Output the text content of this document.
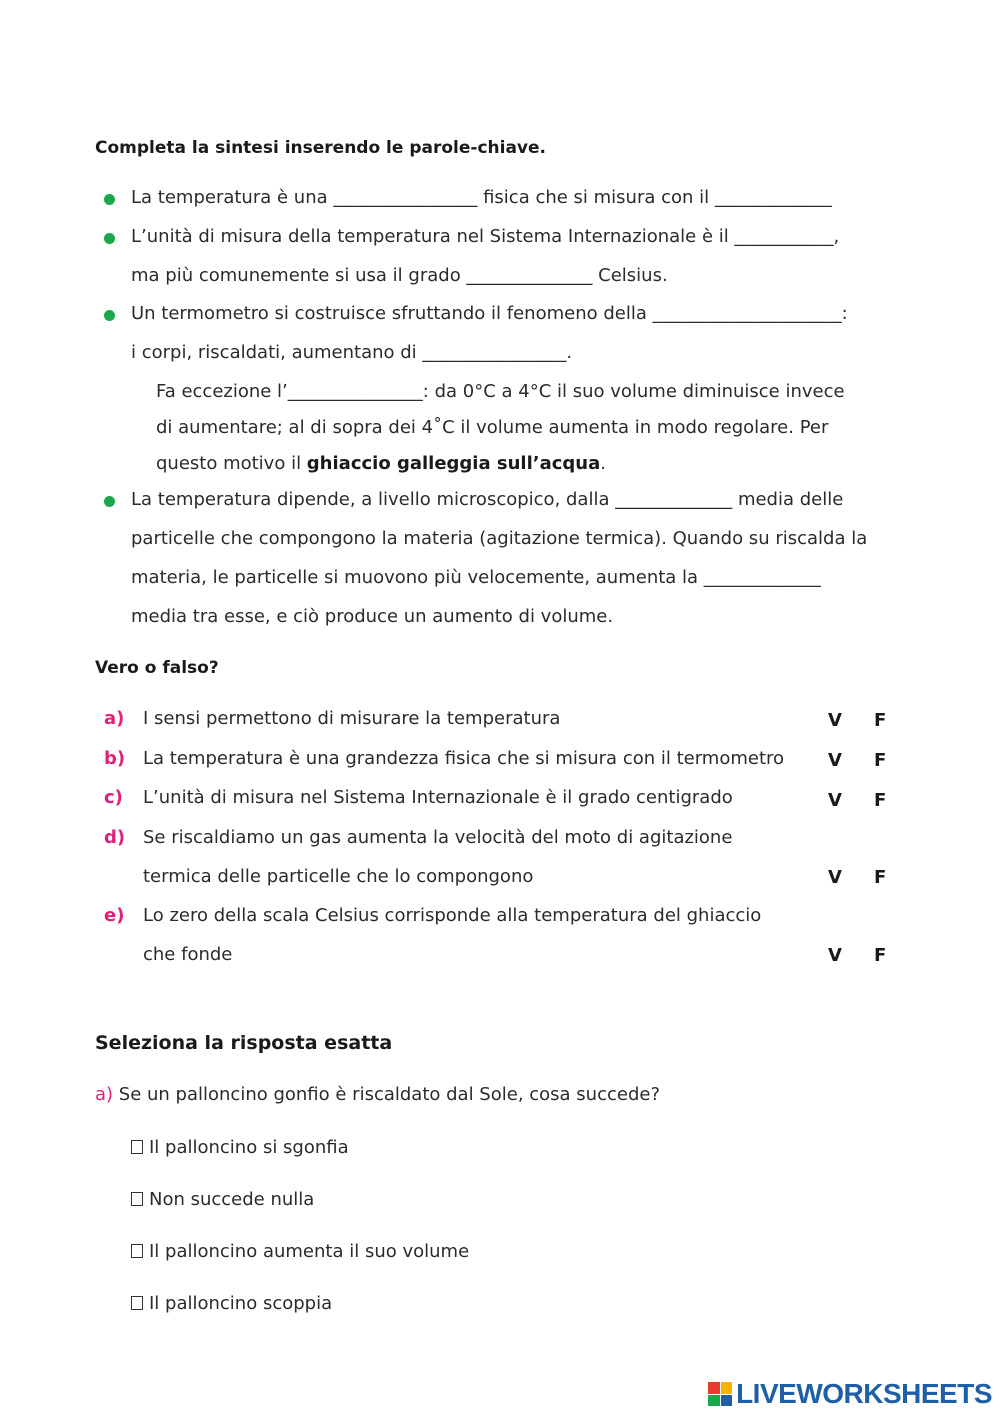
Completa la sintesi inserendo le parole-chiave.
La temperatura è una ________________ fisica che si misura con il _____________
L’unità di misura della temperatura nel Sistema Internazionale è il ___________,
ma più comunemente si usa il grado ______________ Celsius.
Un termometro si costruisce sfruttando il fenomeno della _____________________:
i corpi, riscaldati, aumentano di ________________.
Fa eccezione l’_______________: da 0°C a 4°C il suo volume diminuisce invece
di aumentare; al di sopra dei 4˚C il volume aumenta in modo regolare. Per
questo motivo il ghiaccio galleggia sull’acqua.
La temperatura dipende, a livello microscopico, dalla _____________ media delle
particelle che compongono la materia (agitazione termica). Quando su riscalda la
materia, le particelle si muovono più velocemente, aumenta la _____________
media tra esse, e ciò produce un aumento di volume.
Vero o falso?
a) I sensi permettono di misurare la temperatura	V F
b) La temperatura è una grandezza fisica che si misura con il termometro V F
c) L’unità di misura nel Sistema Internazionale è il grado centigrado	V F
d) Se riscaldiamo un gas aumenta la velocità del moto di agitazione
termica delle particelle che lo compongono	V F
e) Lo zero della scala Celsius corrisponde alla temperatura del ghiaccio
che fonde	V F
Seleziona la risposta esatta
a) Se un palloncino gonfio è riscaldato dal Sole, cosa succede?
Il palloncino si sgonfia
Non succede nulla
Il palloncino aumenta il suo volume
Il palloncino scoppia
LIVEWORKSHEETS
